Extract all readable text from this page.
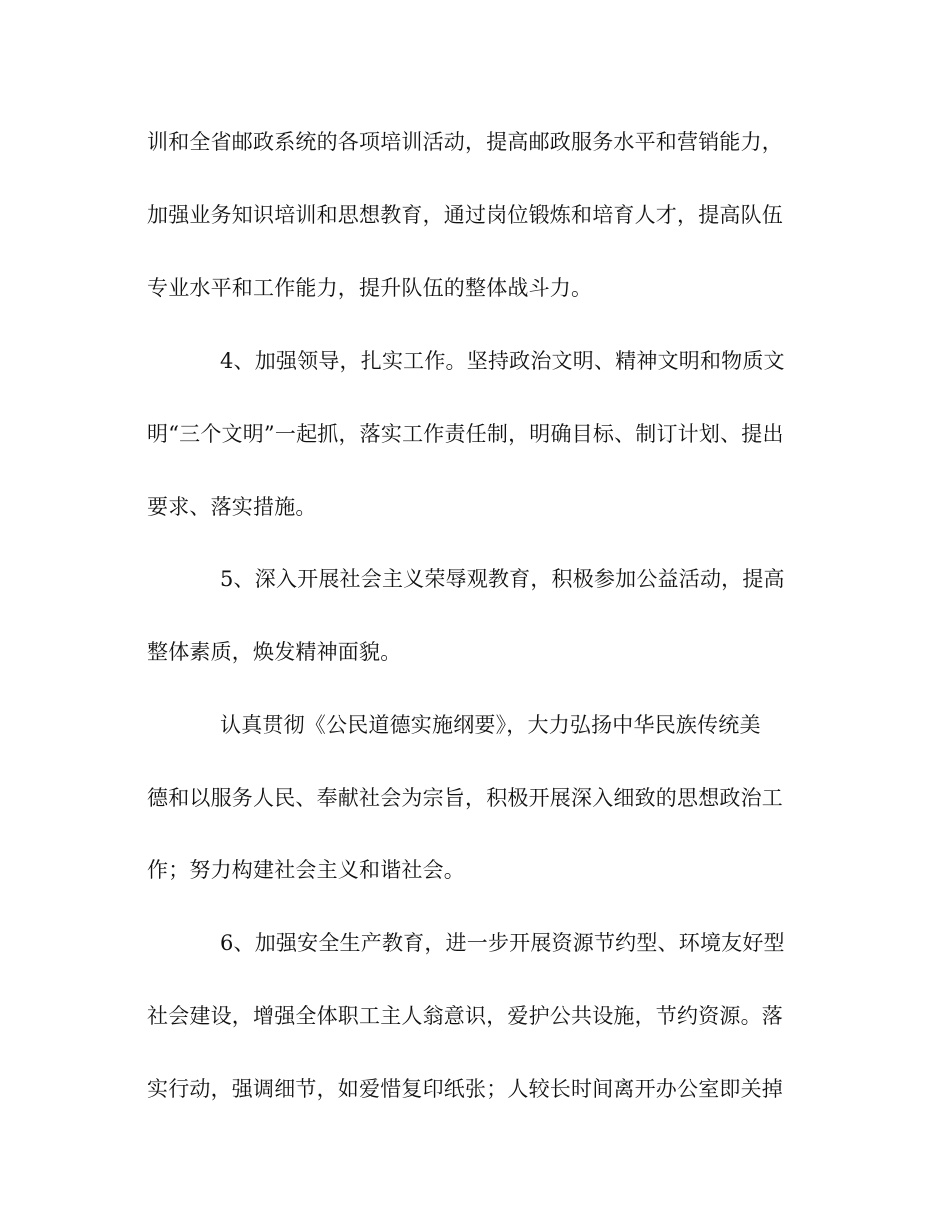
训和全省邮政系统的各项培训活动，提高邮政服务水平和营销能力，
加强业务知识培训和思想教育，通过岗位锻炼和培育人才，提高队伍
专业水平和工作能力，提升队伍的整体战斗力。
4、加强领导，扎实工作。坚持政治文明、精神文明和物质文
明“三个文明”一起抓，落实工作责任制，明确目标、制订计划、提出
要求、落实措施。
5、深入开展社会主义荣辱观教育，积极参加公益活动，提高
整体素质，焕发精神面貌。
认真贯彻《公民道德实施纲要》，大力弘扬中华民族传统美
德和以服务人民、奉献社会为宗旨，积极开展深入细致的思想政治工
作；努力构建社会主义和谐社会。
6、加强安全生产教育，进一步开展资源节约型、环境友好型
社会建设，增强全体职工主人翁意识，爱护公共设施，节约资源。落
实行动，强调细节，如爱惜复印纸张；人较长时间离开办公室即关掉
